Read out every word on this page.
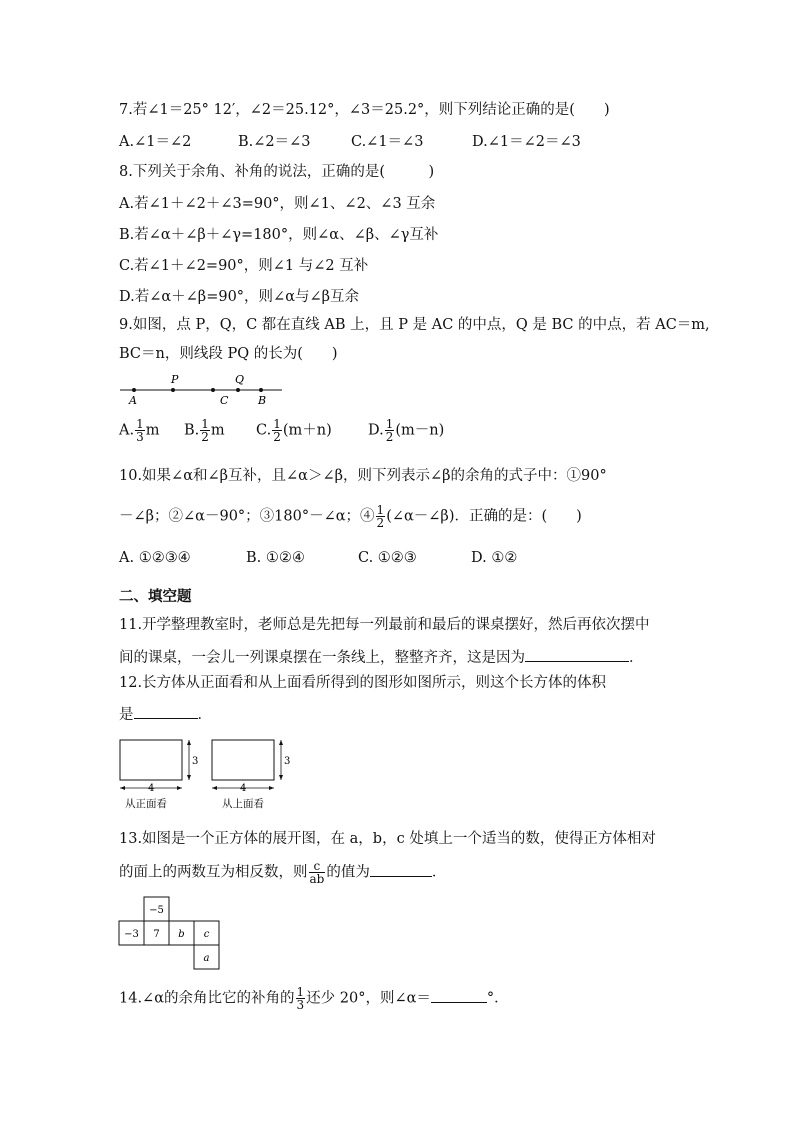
7.若∠1＝25° 12′，∠2＝25.12°，∠3＝25.2°，则下列结论正确的是(　　)
A.∠1＝∠2	B.∠2＝∠3	C.∠1＝∠3	D.∠1＝∠2＝∠3
8.下列关于余角、补角的说法，正确的是(　　　)
A.若∠1＋∠2＋∠3=90°，则∠1、∠2、∠3 互余
B.若∠α＋∠β＋∠γ=180°，则∠α、∠β、∠γ互补
C.若∠1＋∠2=90°，则∠1 与∠2 互补
D.若∠α＋∠β=90°，则∠α与∠β互余
9.如图，点 P，Q，C 都在直线 AB 上，且 P 是 AC 的中点，Q 是 BC 的中点，若 AC＝m,
BC＝n，则线段 PQ 的长为(　　)
P	Q
A	C	B
A. $\frac{1}{3}$ m B. $\frac{1}{2}$ m C. $\frac{1}{2} (m+n)$	D. $\frac{1}{2} (m-n)$
10.如果∠α和∠β互补，且∠α＞∠β，则下列表示∠β的余角的式子中：①90°
－∠β；②∠α－90°；③180°－∠α；④ $\frac{1}{2}$ (∠α－∠β)．正确的是：(　　)
A. ①②③④	B. ①②④	C. ①②③	D. ①②
二、填空题
11.开学整理教室时，老师总是先把每一列最前和最后的课桌摆好，然后再依次摆中
间的课桌，一会儿一列课桌摆在一条线上，整整齐齐，这是因为	．
12.长方体从正面看和从上面看所得到的图形如图所示，则这个长方体的体积
是	．
3
4
从正面看
3
4
从上面看
13.如图是一个正方体的展开图，在 a，b，c 处填上一个适当的数，使得正方体相对
的面上的两数互为相反数，则 $\frac{c}{ab}$ 的值为	．
−5
−3 7 b c
a
14.∠α的余角比它的补角的 $\frac{1}{3}$ 还少 20°，则∠α＝	°．
